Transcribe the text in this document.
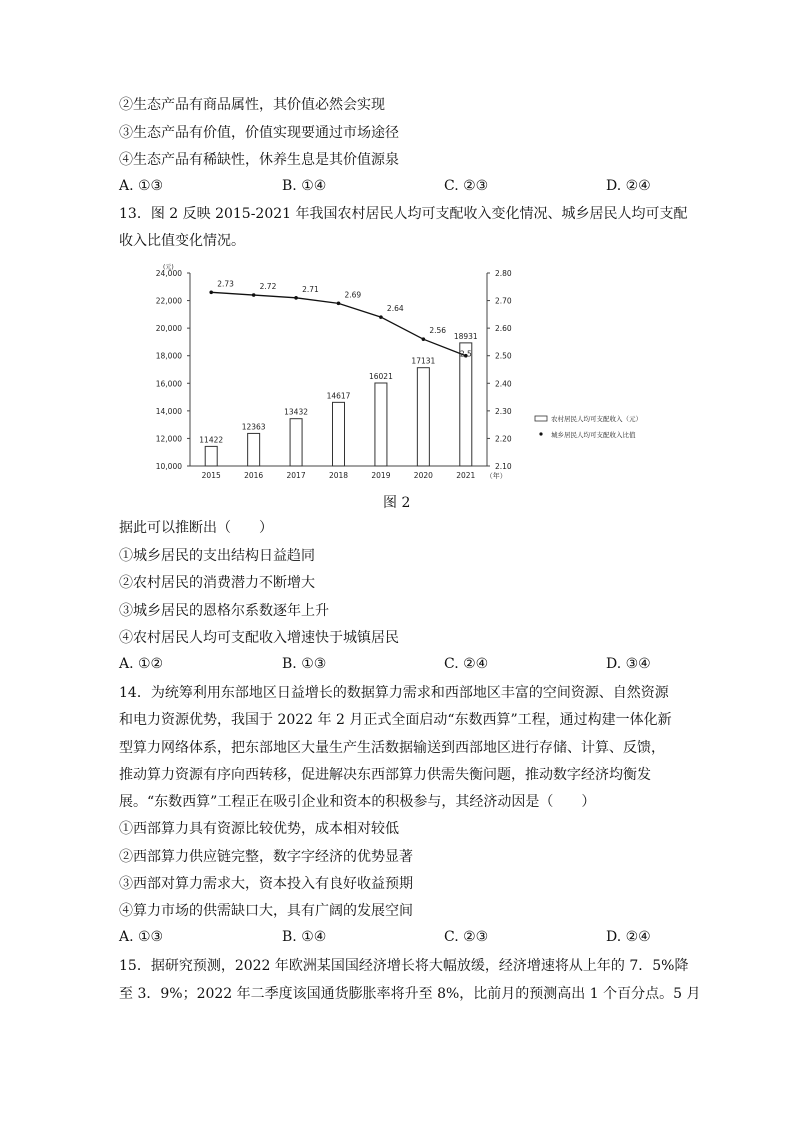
②生态产品有商品属性，其价值必然会实现
③生态产品有价值，价值实现要通过市场途径
④生态产品有稀缺性，休养生息是其价值源泉
A. ①③	B. ①④	C. ②③	D. ②④
13．图 2 反映 2015-2021 年我国农村居民人均可支配收入变化情况、城乡居民人均可支配
收入比值变化情况。
(元)
10,000
12,000
14,000
16,000
18,000
20,000
22,000
24,000
2.10
2.20
2.30
2.40
2.50
2.60
2.70
2.80
2015	2016	2017	2018	2019	2020	2021 （年）
11422
12363
13432
14617
16021
17131
18931
2.73	2.72	2.71
2.69
2.64
2.56
2.5
农村居民人均可支配收入（元）
城乡居民人均可支配收入比值
图 2
据此可以推断出（　　）
①城乡居民的支出结构日益趋同
②农村居民的消费潜力不断增大
③城乡居民的恩格尔系数逐年上升
④农村居民人均可支配收入增速快于城镇居民
A. ①②	B. ①③	C. ②④	D. ③④
14．为统筹利用东部地区日益增长的数据算力需求和西部地区丰富的空间资源、自然资源
和电力资源优势，我国于 2022 年 2 月正式全面启动“东数西算”工程，通过构建一体化新
型算力网络体系，把东部地区大量生产生活数据输送到西部地区进行存储、计算、反馈，
推动算力资源有序向西转移，促进解决东西部算力供需失衡问题，推动数字经济均衡发
展。“东数西算”工程正在吸引企业和资本的积极参与，其经济动因是（　　）
①西部算力具有资源比较优势，成本相对较低
②西部算力供应链完整，数字字经济的优势显著
③西部对算力需求大，资本投入有良好收益预期
④算力市场的供需缺口大，具有广阔的发展空间
A. ①③	B. ①④	C. ②③	D. ②④
15．据研究预测，2022 年欧洲某国国经济增长将大幅放缓，经济增速将从上年的 7．5%降
至 3．9%；2022 年二季度该国通货膨胀率将升至 8%，比前月的预测高出 1 个百分点。5 月
